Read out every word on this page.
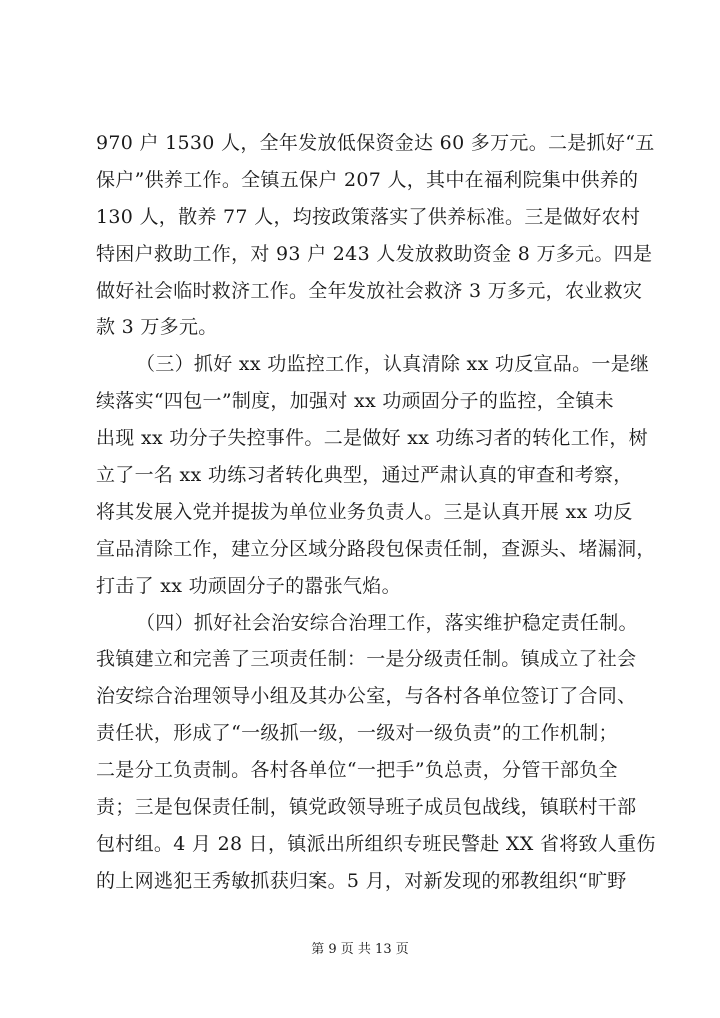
970 户 1530 人，全年发放低保资金达 60 多万元。二是抓好“五
保户”供养工作。全镇五保户 207 人，其中在福利院集中供养的
130 人，散养 77 人，均按政策落实了供养标准。三是做好农村
特困户救助工作，对 93 户 243 人发放救助资金 8 万多元。四是
做好社会临时救济工作。全年发放社会救济 3 万多元，农业救灾
款 3 万多元。
（三）抓好 xx 功监控工作，认真清除 xx 功反宣品。一是继
续落实“四包一”制度，加强对 xx 功顽固分子的监控，全镇未
出现 xx 功分子失控事件。二是做好 xx 功练习者的转化工作，树
立了一名 xx 功练习者转化典型，通过严肃认真的审查和考察，
将其发展入党并提拔为单位业务负责人。三是认真开展 xx 功反
宣品清除工作，建立分区域分路段包保责任制，查源头、堵漏洞，
打击了 xx 功顽固分子的嚣张气焰。
（四）抓好社会治安综合治理工作，落实维护稳定责任制。
我镇建立和完善了三项责任制：一是分级责任制。镇成立了社会
治安综合治理领导小组及其办公室，与各村各单位签订了合同、
责任状，形成了“一级抓一级，一级对一级负责”的工作机制；
二是分工负责制。各村各单位“一把手”负总责，分管干部负全
责；三是包保责任制，镇党政领导班子成员包战线，镇联村干部
包村组。4 月 28 日，镇派出所组织专班民警赴 XX 省将致人重伤
的上网逃犯王秀敏抓获归案。5 月，对新发现的邪教组织“旷野
第 9 页 共 13 页
